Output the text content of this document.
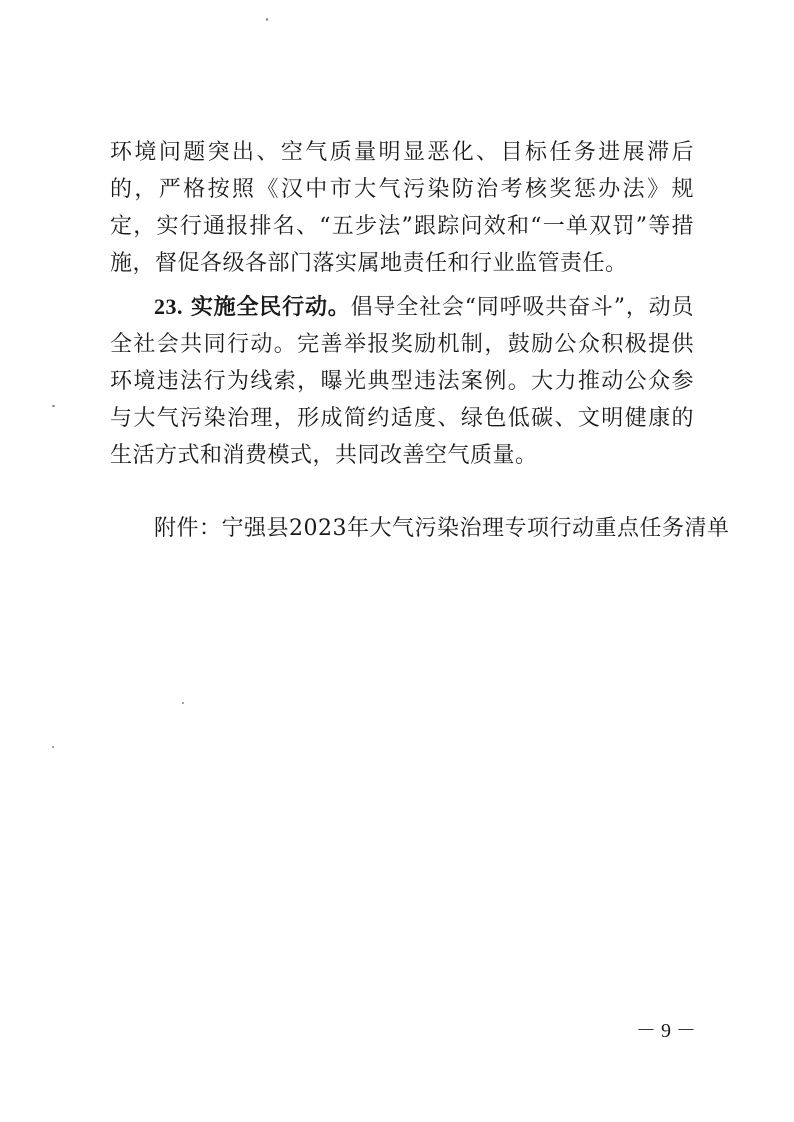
环境问题突出、空气质量明显恶化、目标任务进展滞后的，严格按照《汉中市大气污染防治考核奖惩办法》规定，实行通报排名、“五步法”跟踪问效和“一单双罚”等措施，督促各级各部门落实属地责任和行业监管责任。

23. 实施全民行动。倡导全社会“同呼吸共奋斗”，动员全社会共同行动。完善举报奖励机制，鼓励公众积极提供环境违法行为线索，曝光典型违法案例。大力推动公众参与大气污染治理，形成简约适度、绿色低碳、文明健康的生活方式和消费模式，共同改善空气质量。

附件：宁强县2023年大气污染治理专项行动重点任务清单

－ 9 －
